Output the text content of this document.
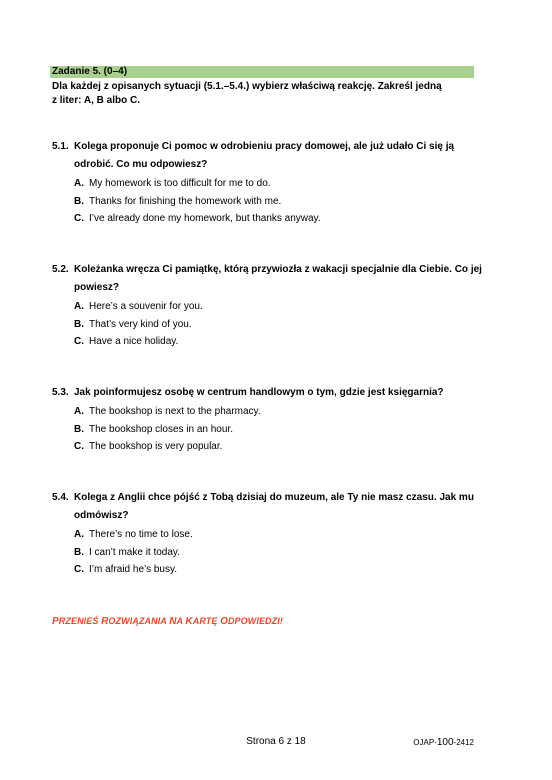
Zadanie 5. (0–4)
Dla każdej z opisanych sytuacji (5.1.–5.4.) wybierz właściwą reakcję. Zakreśl jedną
z liter: A, B albo C.
5.1. Kolega proponuje Ci pomoc w odrobieniu pracy domowej, ale już udało Ci się ją odrobić. Co mu odpowiesz?
A. My homework is too difficult for me to do.
B. Thanks for finishing the homework with me.
C. I’ve already done my homework, but thanks anyway.
5.2. Koleżanka wręcza Ci pamiątkę, którą przywiozła z wakacji specjalnie dla Ciebie. Co jej powiesz?
A. Here’s a souvenir for you.
B. That’s very kind of you.
C. Have a nice holiday.
5.3. Jak poinformujesz osobę w centrum handlowym o tym, gdzie jest księgarnia?
A. The bookshop is next to the pharmacy.
B. The bookshop closes in an hour.
C. The bookshop is very popular.
5.4. Kolega z Anglii chce pójść z Tobą dzisiaj do muzeum, ale Ty nie masz czasu. Jak mu odmówisz?
A. There’s no time to lose.
B. I can’t make it today.
C. I’m afraid he’s busy.
PRZENIEŚ ROZWIĄZANIA NA KARTĘ ODPOWIEDZI!
Strona 6 z 18	OJAP-100-2412
